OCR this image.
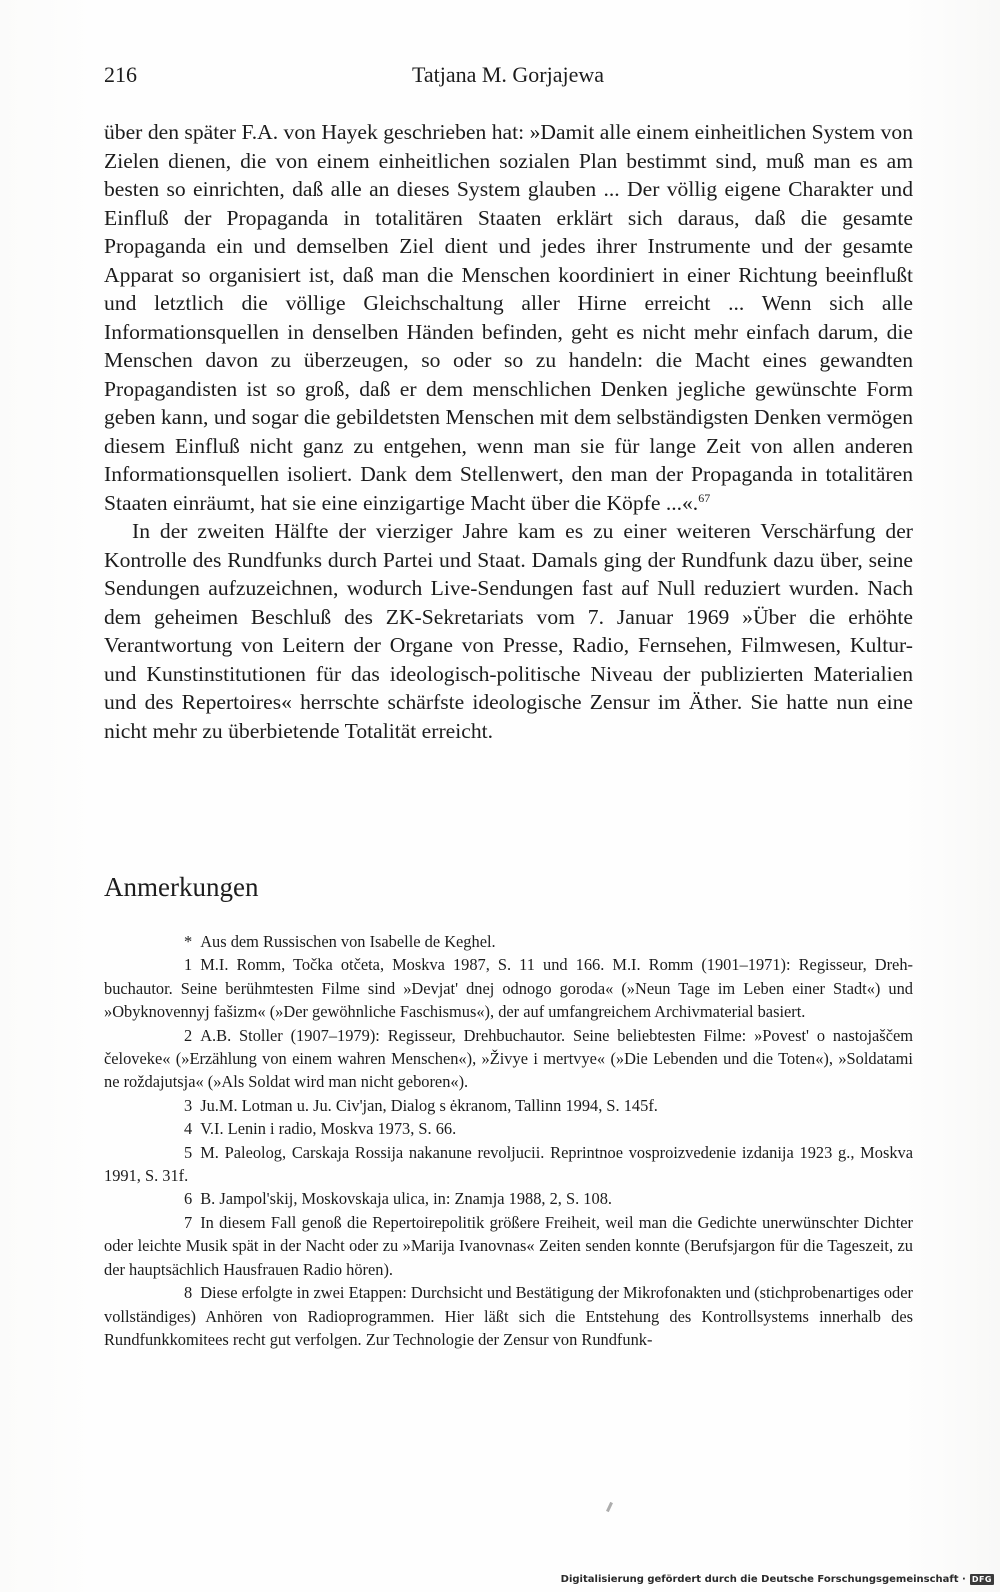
216	Tatjana M. Gorjajewa

über den später F.A. von Hayek geschrieben hat: »Damit alle einem einheitlichen System von Zielen dienen, die von einem einheitlichen sozialen Plan bestimmt sind, muß man es am besten so einrichten, daß alle an dieses System glauben ... Der völlig eigene Charakter und Einfluß der Propaganda in totalitären Staaten erklärt sich daraus, daß die gesamte Propaganda ein und demselben Ziel dient und jedes ihrer Instrumente und der gesamte Apparat so organisiert ist, daß man die Menschen koordiniert in einer Richtung beeinflußt und letztlich die völlige Gleichschaltung aller Hirne erreicht ... Wenn sich alle Informationsquellen in denselben Händen befinden, geht es nicht mehr einfach darum, die Menschen davon zu überzeugen, so oder so zu handeln: die Macht eines gewandten Propagandisten ist so groß, daß er dem menschlichen Denken jegliche gewünschte Form geben kann, und sogar die gebildetsten Menschen mit dem selbständigsten Denken vermögen diesem Einfluß nicht ganz zu entgehen, wenn man sie für lange Zeit von allen anderen Informationsquellen isoliert. Dank dem Stellenwert, den man der Propaganda in totalitären Staaten einräumt, hat sie eine einzigartige Macht über die Köpfe ...«.$^{67}$

In der zweiten Hälfte der vierziger Jahre kam es zu einer weiteren Verschärfung der Kontrolle des Rundfunks durch Partei und Staat. Damals ging der Rundfunk dazu über, seine Sendungen aufzuzeichnen, wodurch Live-Sendungen fast auf Null reduziert wurden. Nach dem geheimen Beschluß des ZK-Sekretariats vom 7. Januar 1969 »Über die erhöhte Verantwortung von Leitern der Organe von Presse, Radio, Fernsehen, Filmwesen, Kultur- und Kunstinstitutionen für das ideologisch-politische Niveau der publizierten Materialien und des Repertoires« herrschte schärfste ideologische Zensur im Äther. Sie hatte nun eine nicht mehr zu überbietende Totalität erreicht.

Anmerkungen

* Aus dem Russischen von Isabelle de Keghel.

1 M.I. Romm, Točka otčeta, Moskva 1987, S. 11 und 166. M.I. Romm (1901–1971): Regisseur, Drehbuchautor. Seine berühmtesten Filme sind »Devjat' dnej odnogo goroda« (»Neun Tage im Leben einer Stadt«) und »Obyknovennyj fašizm« (»Der gewöhnliche Faschismus«), der auf umfangreichem Archivmaterial basiert.

2 A.B. Stoller (1907–1979): Regisseur, Drehbuchautor. Seine beliebtesten Filme: »Povest' o nastojaščem čeloveke« (»Erzählung von einem wahren Menschen«), »Živye i mertvye« (»Die Lebenden und die Toten«), »Soldatami ne roždajutsja« (»Als Soldat wird man nicht geboren«).

3 Ju.M. Lotman u. Ju. Civ'jan, Dialog s ėkranom, Tallinn 1994, S. 145f.

4 V.I. Lenin i radio, Moskva 1973, S. 66.

5 M. Paleolog, Carskaja Rossija nakanune revoljucii. Reprintnoe vosproizvedenie izdanija 1923 g., Moskva 1991, S. 31f.

6 B. Jampol'skij, Moskovskaja ulica, in: Znamja 1988, 2, S. 108.

7 In diesem Fall genoß die Repertoirepolitik größere Freiheit, weil man die Gedichte unerwünschter Dichter oder leichte Musik spät in der Nacht oder zu »Marija Ivanovnas« Zeiten senden konnte (Berufsjargon für die Tageszeit, zu der hauptsächlich Hausfrauen Radio hören).

8 Diese erfolgte in zwei Etappen: Durchsicht und Bestätigung der Mikrofonakten und (stichprobenartiges oder vollständiges) Anhören von Radioprogrammen. Hier läßt sich die Entstehung des Kontrollsystems innerhalb des Rundfunkkomitees recht gut verfolgen. Zur Technologie der Zensur von Rundfunk-

Digitalisierung gefördert durch die Deutsche Forschungsgemeinschaft · DFG
